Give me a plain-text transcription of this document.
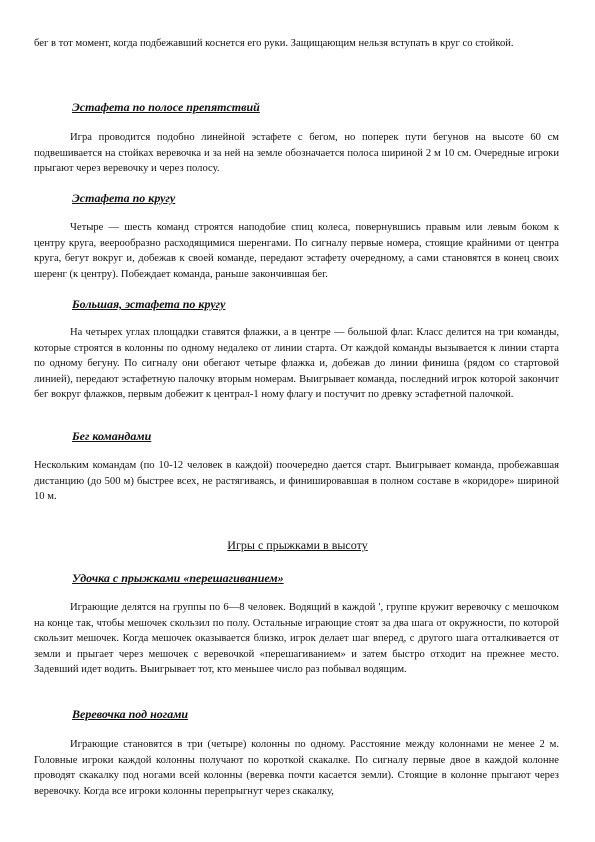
бег в тот момент, когда подбежавший коснется его руки. Защищающим нельзя вступать в круг со стойкой.

Эстафета по полосе препятствий

Игра проводится подобно линейной эстафете с бегом, но поперек пути бегунов на высоте 60 см подвешивается на стойках веревочка и за ней на земле обозначается полоса шириной 2 м 10 см. Очередные игроки прыгают через веревочку и через полосу.

Эстафета по кругу

Четыре — шесть команд строятся наподобие спиц колеса, повернувшись правым или левым боком к центру круга, веерообразно расходящимися шеренгами. По сигналу первые номера, стоящие крайними от центра круга, бегут вокруг и, добежав к своей команде, передают эстафету очередному, а сами становятся в конец своих шеренг (к центру). Побеждает команда, раньше закончившая бег.

Большая, эстафета по кругу

На четырех углах площадки ставятся флажки, а в центре — большой флаг. Класс делится на три команды, которые строятся в колонны по одному недалеко от линии старта. От каждой команды вызывается к линии старта по одному бегуну. По сигналу они обегают четыре флажка и, добежав до линии финиша (рядом со стартовой линией), передают эстафетную палочку вторым номерам. Выигрывает команда, последний игрок которой закончит бег вокруг флажков, первым добежит к централ-1 ному флагу и постучит по древку эстафетной палочкой.

Бег командами

Нескольким командам (по 10-12 человек в каждой) поочередно дается старт. Выигрывает команда, пробежавшая дистанцию (до 500 м) быстрее всех, не растягиваясь, и финишировавшая в полном составе в «коридоре» шириной 10 м.

Игры с прыжками в высоту

Удочка с прыжками «перешагиванием»

Играющие делятся на группы по 6—8 человек. Водящий в каждой ', группе кружит веревочку с мешочком на конце так, чтобы мешочек скользил по полу. Остальные играющие стоят за два шага от окружности, по которой скользит мешочек. Когда мешочек оказывается близко, игрок делает шаг вперед, с другого шага отталкивается от земли и прыгает через мешочек с веревочкой «перешагиванием» и затем быстро отходит на прежнее место. Задевший идет водить. Выигрывает тот, кто меньшее число раз побывал водящим.

Веревочка под ногами

Играющие становятся в три (четыре) колонны по одному. Расстояние между колоннами не менее 2 м. Головные игроки каждой колонны получают по короткой скакалке. По сигналу первые двое в каждой колонне проводят скакалку под ногами всей колонны (веревка почти касается земли). Стоящие в колонне прыгают через веревочку. Когда все игроки колонны перепрыгнут через скакалку,
